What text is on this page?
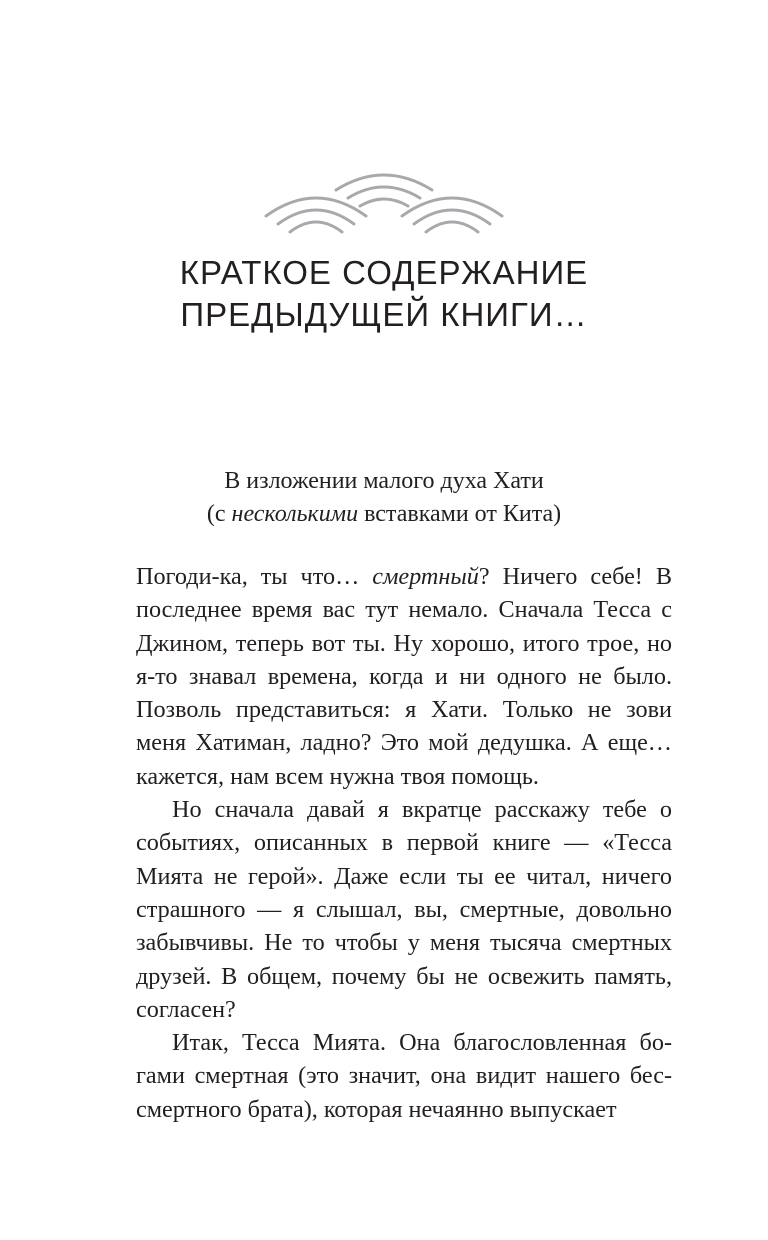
КРАТКОЕ СОДЕРЖАНИЕ
ПРЕДЫДУЩЕЙ КНИГИ…
В изложении малого духа Хати
(с несколькими вставками от Кита)

Погоди-ка, ты что… смертный? Ничего себе! В последнее время вас тут немало. Сначала Тесса с Джином, теперь вот ты. Ну хорошо, итого трое, но я-то знавал времена, когда и ни одного не было. Позволь представиться: я Хати. Только не зови меня Хатиман, ладно? Это мой дедушка. А еще… кажется, нам всем нужна твоя помощь.

Но сначала давай я вкратце расскажу тебе о событиях, описанных в первой книге — «Тесса Мията не герой». Даже если ты ее читал, ничего страшного — я слышал, вы, смертные, довольно забывчивы. Не то чтобы у меня тысяча смертных друзей. В общем, почему бы не освежить память, согласен?

Итак, Тесса Мията. Она благословленная богами смертная (это значит, она видит нашего бессмертного брата), которая нечаянно выпускает
